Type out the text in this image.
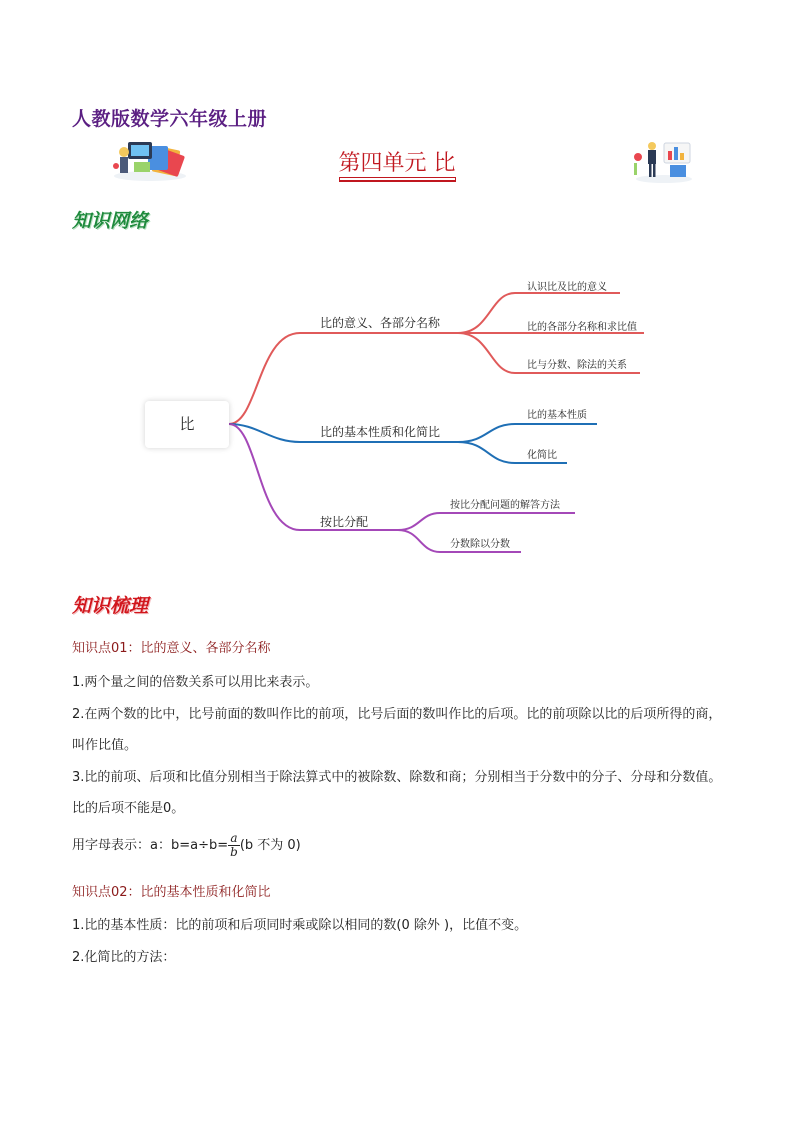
人教版数学六年级上册
第四单元 比
知识网络
比
比的意义、各部分名称
认识比及比的意义
比的各部分名称和求比值
比与分数、除法的关系
比的基本性质和化简比
比的基本性质
化简比
按比分配
按比分配问题的解答方法
分数除以分数
知识梳理
知识点01：比的意义、各部分名称
1.两个量之间的倍数关系可以用比来表示。
2.在两个数的比中，比号前面的数叫作比的前项，比号后面的数叫作比的后项。比的前项除以比的后项所得的商，叫作比值。
3.比的前项、后项和比值分别相当于除法算式中的被除数、除数和商；分别相当于分数中的分子、分母和分数值。比的后项不能是0。
用字母表示：a：$b=a\div b= \frac{a}{b} (b$ 不为 0)
知识点02：比的基本性质和化简比
1.比的基本性质：比的前项和后项同时乘或除以相同的数(0 除外 )，比值不变。
2.化简比的方法：
